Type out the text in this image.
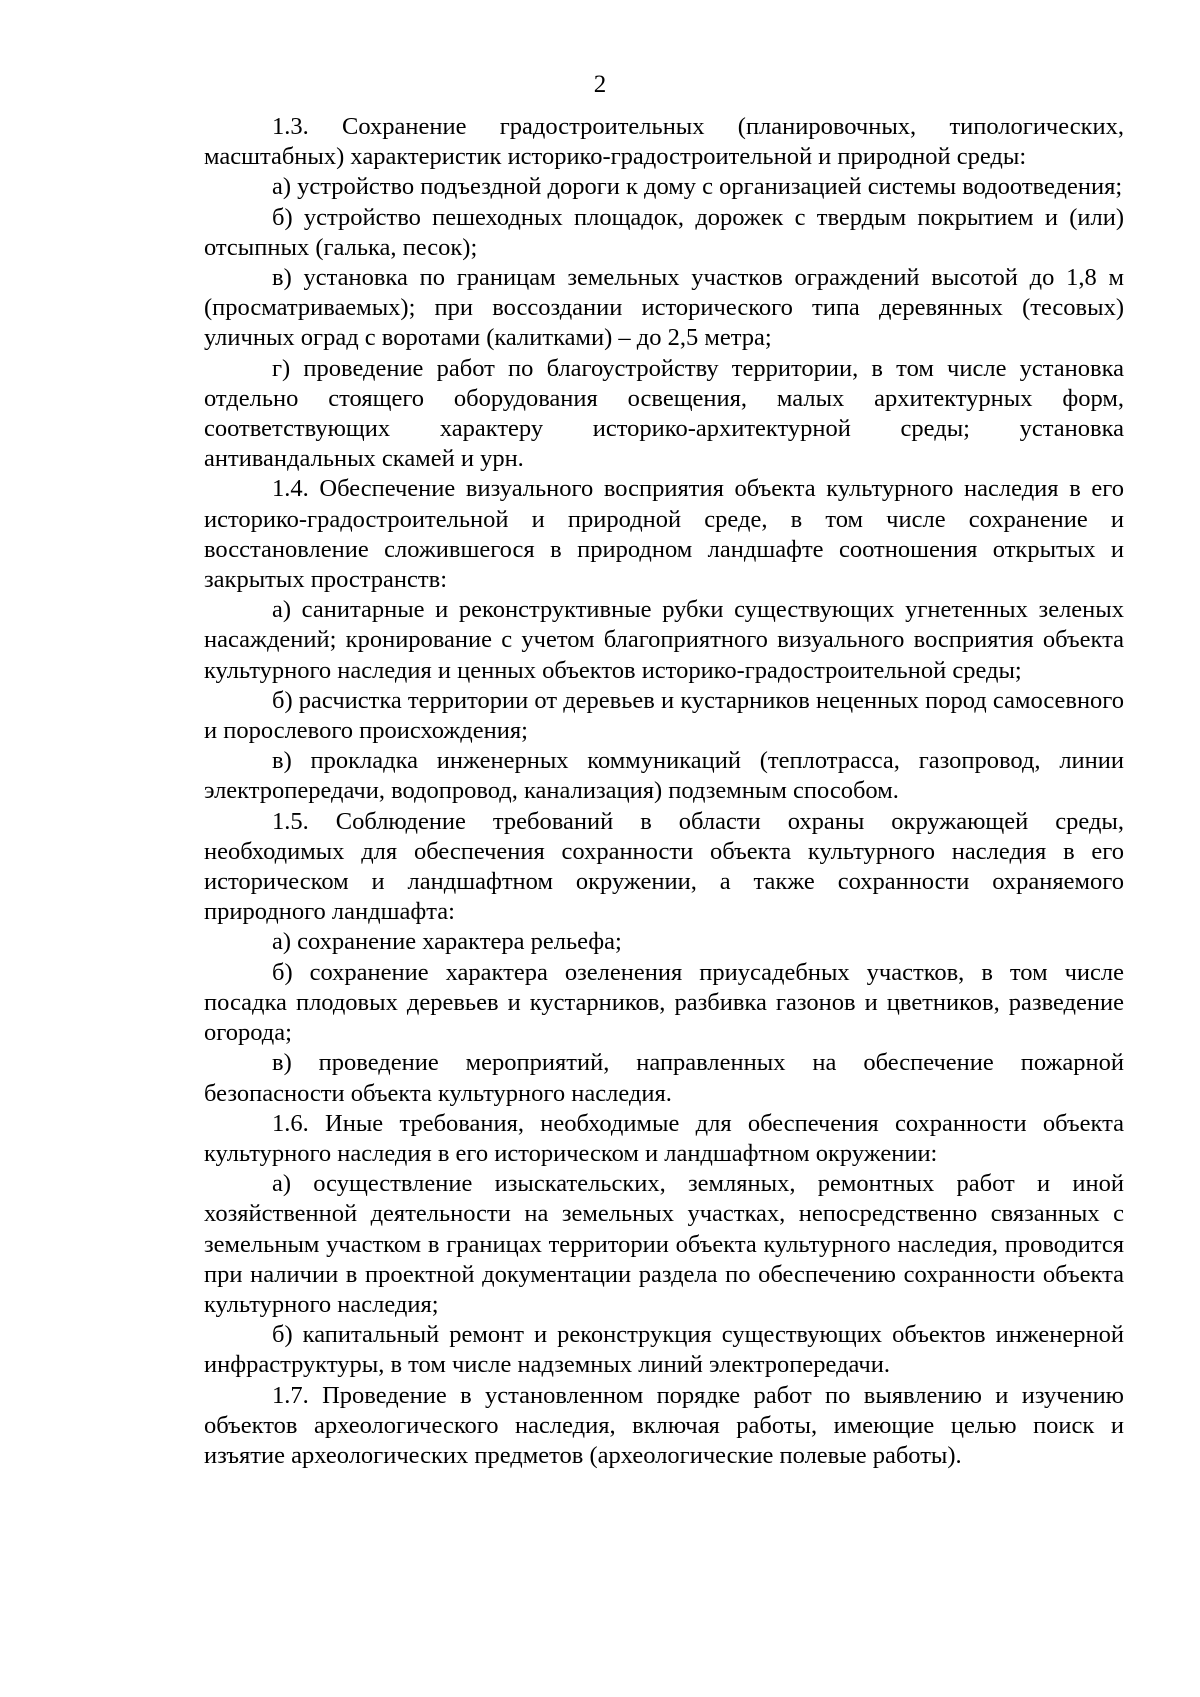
2

1.3. Сохранение градостроительных (планировочных, типологических, масштабных) характеристик историко-градостроительной и природной среды:

а) устройство подъездной дороги к дому с организацией системы водоотведения;

б) устройство пешеходных площадок, дорожек с твердым покрытием и (или) отсыпных (галька, песок);

в) установка по границам земельных участков ограждений высотой до 1,8 м (просматриваемых); при воссоздании исторического типа деревянных (тесовых) уличных оград с воротами (калитками) – до 2,5 метра;

г) проведение работ по благоустройству территории, в том числе установка отдельно стоящего оборудования освещения, малых архитектурных форм, соответствующих характеру историко-архитектурной среды; установка антивандальных скамей и урн.

1.4. Обеспечение визуального восприятия объекта культурного наследия в его историко-градостроительной и природной среде, в том числе сохранение и восстановление сложившегося в природном ландшафте соотношения открытых и закрытых пространств:

а) санитарные и реконструктивные рубки существующих угнетенных зеленых насаждений; кронирование с учетом благоприятного визуального восприятия объекта культурного наследия и ценных объектов историко-градостроительной среды;

б) расчистка территории от деревьев и кустарников неценных пород самосевного и порослевого происхождения;

в) прокладка инженерных коммуникаций (теплотрасса, газопровод, линии электропередачи, водопровод, канализация) подземным способом.

1.5. Соблюдение требований в области охраны окружающей среды, необходимых для обеспечения сохранности объекта культурного наследия в его историческом и ландшафтном окружении, а также сохранности охраняемого природного ландшафта:

а) сохранение характера рельефа;

б) сохранение характера озеленения приусадебных участков, в том числе посадка плодовых деревьев и кустарников, разбивка газонов и цветников, разведение огорода;

в) проведение мероприятий, направленных на обеспечение пожарной безопасности объекта культурного наследия.

1.6. Иные требования, необходимые для обеспечения сохранности объекта культурного наследия в его историческом и ландшафтном окружении:

а) осуществление изыскательских, земляных, ремонтных работ и иной хозяйственной деятельности на земельных участках, непосредственно связанных с земельным участком в границах территории объекта культурного наследия, проводится при наличии в проектной документации раздела по обеспечению сохранности объекта культурного наследия;

б) капитальный ремонт и реконструкция существующих объектов инженерной инфраструктуры, в том числе надземных линий электропередачи.

1.7. Проведение в установленном порядке работ по выявлению и изучению объектов археологического наследия, включая работы, имеющие целью поиск и изъятие археологических предметов (археологические полевые работы).
